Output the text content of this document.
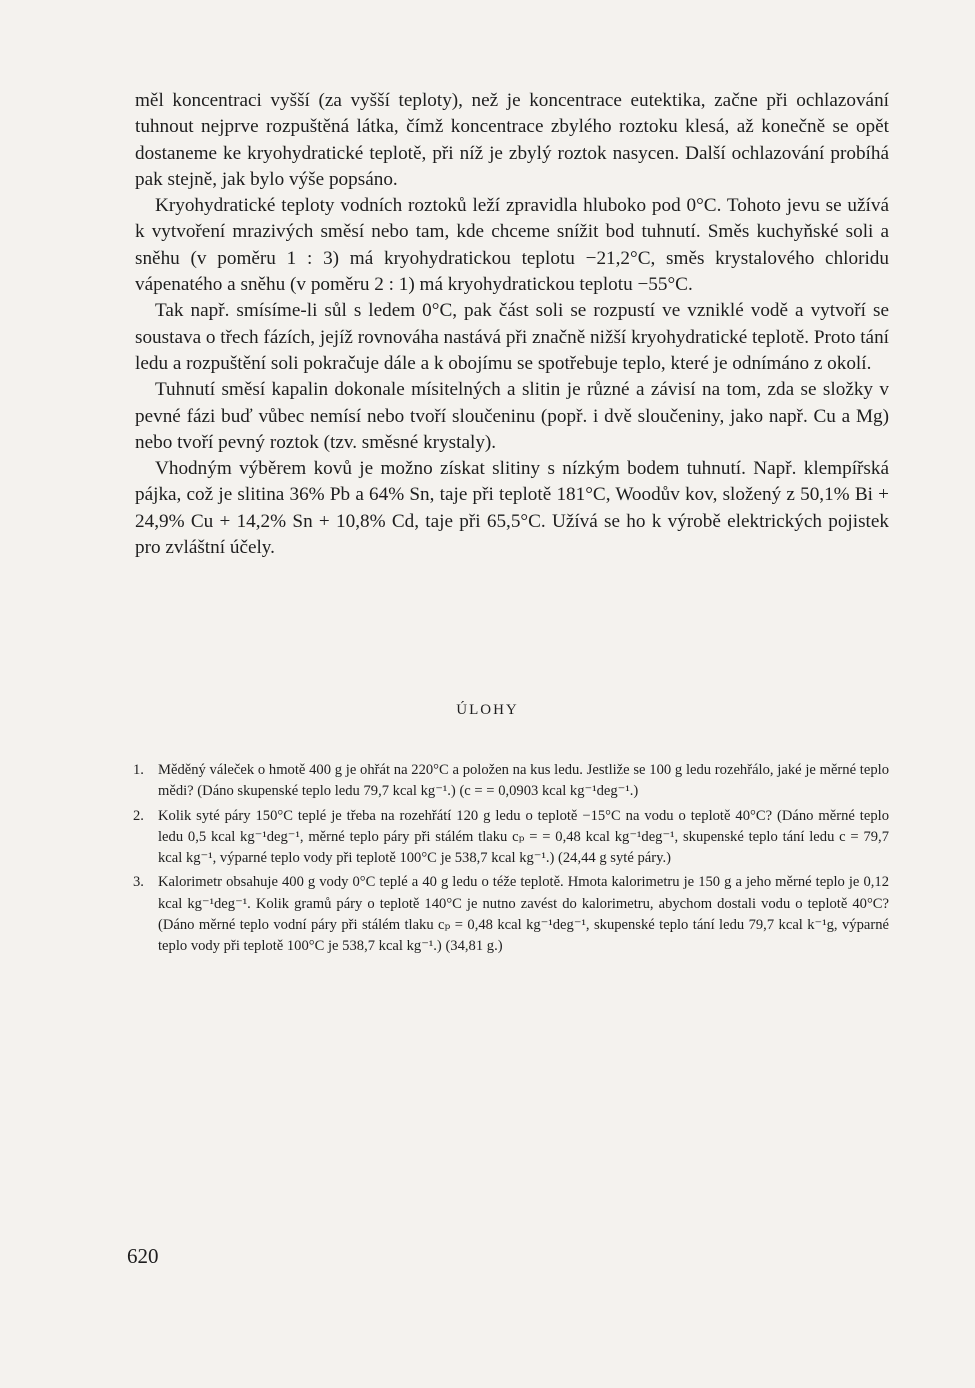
měl koncentraci vyšší (za vyšší teploty), než je koncentrace eutektika, začne při ochlazování tuhnout nejprve rozpuštěná látka, čímž koncentrace zbylého roztoku klesá, až konečně se opět dostaneme ke kryohydratické teplotě, při níž je zbylý roztok nasycen. Další ochlazování probíhá pak stejně, jak bylo výše popsáno.

Kryohydratické teploty vodních roztoků leží zpravidla hluboko pod 0°C. Tohoto jevu se užívá k vytvoření mrazivých směsí nebo tam, kde chceme snížit bod tuhnutí. Směs kuchyňské soli a sněhu (v poměru 1 : 3) má kryohydratickou teplotu −21,2°C, směs krystalového chloridu vápenatého a sněhu (v poměru 2 : 1) má kryohydratickou teplotu −55°C.

Tak např. smísíme-li sůl s ledem 0°C, pak část soli se rozpustí ve vzniklé vodě a vytvoří se soustava o třech fázích, jejíž rovnováha nastává při značně nižší kryohydratické teplotě. Proto tání ledu a rozpuštění soli pokračuje dále a k obojímu se spotřebuje teplo, které je odnímáno z okolí.

Tuhnutí směsí kapalin dokonale mísitelných a slitin je různé a závisí na tom, zda se složky v pevné fázi buď vůbec nemísí nebo tvoří sloučeninu (popř. i dvě sloučeniny, jako např. Cu a Mg) nebo tvoří pevný roztok (tzv. směsné krystaly).

Vhodným výběrem kovů je možno získat slitiny s nízkým bodem tuhnutí. Např. klempířská pájka, což je slitina 36% Pb a 64% Sn, taje při teplotě 181°C, Woodův kov, složený z 50,1% Bi + 24,9% Cu + 14,2% Sn + 10,8% Cd, taje při 65,5°C. Užívá se ho k výrobě elektrických pojistek pro zvláštní účely.

ÚLOHY
1. Měděný váleček o hmotě 400 g je ohřát na 220°C a položen na kus ledu. Jestliže se 100 g ledu rozehřálo, jaké je měrné teplo mědi? (Dáno skupenské teplo ledu 79,7 kcal kg⁻¹.) (c = = 0,0903 kcal kg⁻¹deg⁻¹.)
2. Kolik syté páry 150°C teplé je třeba na rozehřátí 120 g ledu o teplotě −15°C na vodu o teplotě 40°C? (Dáno měrné teplo ledu 0,5 kcal kg⁻¹deg⁻¹, měrné teplo páry při stálém tlaku cₚ = = 0,48 kcal kg⁻¹deg⁻¹, skupenské teplo tání ledu c = 79,7 kcal kg⁻¹, výparné teplo vody při teplotě 100°C je 538,7 kcal kg⁻¹.) (24,44 g syté páry.)
3. Kalorimetr obsahuje 400 g vody 0°C teplé a 40 g ledu o téže teplotě. Hmota kalorimetru je 150 g a jeho měrné teplo je 0,12 kcal kg⁻¹deg⁻¹. Kolik gramů páry o teplotě 140°C je nutno zavést do kalorimetru, abychom dostali vodu o teplotě 40°C? (Dáno měrné teplo vodní páry při stálém tlaku cₚ = 0,48 kcal kg⁻¹deg⁻¹, skupenské teplo tání ledu 79,7 kcal k⁻¹g, výparné teplo vody při teplotě 100°C je 538,7 kcal kg⁻¹.) (34,81 g.)
620
